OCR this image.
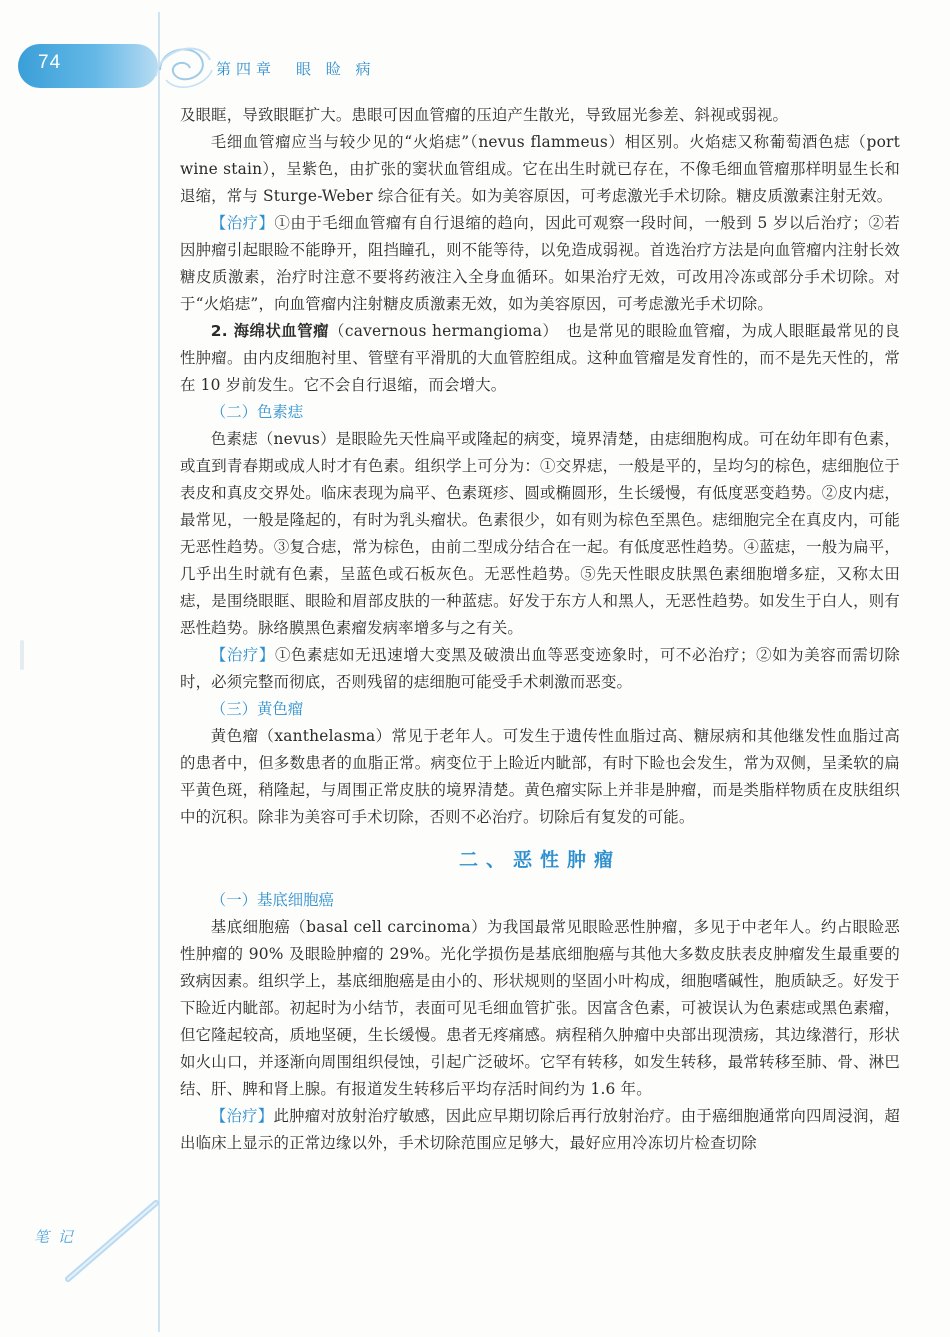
74	第四章　眼 睑 病

及眼眶，导致眼眶扩大。患眼可因血管瘤的压迫产生散光，导致屈光参差、斜视或弱视。

毛细血管瘤应当与较少见的“火焰痣”（nevus flammeus）相区别。火焰痣又称葡萄酒色痣（port wine stain），呈紫色，由扩张的窦状血管组成。它在出生时就已存在，不像毛细血管瘤那样明显生长和退缩，常与 Sturge-Weber 综合征有关。如为美容原因，可考虑激光手术切除。糖皮质激素注射无效。

【治疗】①由于毛细血管瘤有自行退缩的趋向，因此可观察一段时间，一般到 5 岁以后治疗；②若因肿瘤引起眼睑不能睁开，阻挡瞳孔，则不能等待，以免造成弱视。首选治疗方法是向血管瘤内注射长效糖皮质激素，治疗时注意不要将药液注入全身血循环。如果治疗无效，可改用冷冻或部分手术切除。对于“火焰痣”，向血管瘤内注射糖皮质激素无效，如为美容原因，可考虑激光手术切除。

2. 海绵状血管瘤（cavernous hermangioma）　也是常见的眼睑血管瘤，为成人眼眶最常见的良性肿瘤。由内皮细胞衬里、管壁有平滑肌的大血管腔组成。这种血管瘤是发育性的，而不是先天性的，常在 10 岁前发生。它不会自行退缩，而会增大。

（二）色素痣

色素痣（nevus）是眼睑先天性扁平或隆起的病变，境界清楚，由痣细胞构成。可在幼年即有色素，或直到青春期或成人时才有色素。组织学上可分为：①交界痣，一般是平的，呈均匀的棕色，痣细胞位于表皮和真皮交界处。临床表现为扁平、色素斑疹、圆或椭圆形，生长缓慢，有低度恶变趋势。②皮内痣，最常见，一般是隆起的，有时为乳头瘤状。色素很少，如有则为棕色至黑色。痣细胞完全在真皮内，可能无恶性趋势。③复合痣，常为棕色，由前二型成分结合在一起。有低度恶性趋势。④蓝痣，一般为扁平，几乎出生时就有色素，呈蓝色或石板灰色。无恶性趋势。⑤先天性眼皮肤黑色素细胞增多症，又称太田痣，是围绕眼眶、眼睑和眉部皮肤的一种蓝痣。好发于东方人和黑人，无恶性趋势。如发生于白人，则有恶性趋势。脉络膜黑色素瘤发病率增多与之有关。

【治疗】①色素痣如无迅速增大变黑及破溃出血等恶变迹象时，可不必治疗；②如为美容而需切除时，必须完整而彻底，否则残留的痣细胞可能受手术刺激而恶变。

（三）黄色瘤

黄色瘤（xanthelasma）常见于老年人。可发生于遗传性血脂过高、糖尿病和其他继发性血脂过高的患者中，但多数患者的血脂正常。病变位于上睑近内眦部，有时下睑也会发生，常为双侧，呈柔软的扁平黄色斑，稍隆起，与周围正常皮肤的境界清楚。黄色瘤实际上并非是肿瘤，而是类脂样物质在皮肤组织中的沉积。除非为美容可手术切除，否则不必治疗。切除后有复发的可能。

二、恶性肿瘤
（一）基底细胞癌

基底细胞癌（basal cell carcinoma）为我国最常见眼睑恶性肿瘤，多见于中老年人。约占眼睑恶性肿瘤的 90% 及眼睑肿瘤的 29%。光化学损伤是基底细胞癌与其他大多数皮肤表皮肿瘤发生最重要的致病因素。组织学上，基底细胞癌是由小的、形状规则的坚固小叶构成，细胞嗜碱性，胞质缺乏。好发于下睑近内眦部。初起时为小结节，表面可见毛细血管扩张。因富含色素，可被误认为色素痣或黑色素瘤，但它隆起较高，质地坚硬，生长缓慢。患者无疼痛感。病程稍久肿瘤中央部出现溃疡，其边缘潜行，形状如火山口，并逐渐向周围组织侵蚀，引起广泛破坏。它罕有转移，如发生转移，最常转移至肺、骨、淋巴结、肝、脾和肾上腺。有报道发生转移后平均存活时间约为 1.6 年。

【治疗】此肿瘤对放射治疗敏感，因此应早期切除后再行放射治疗。由于癌细胞通常向四周浸润，超出临床上显示的正常边缘以外，手术切除范围应足够大，最好应用冷冻切片检查切除

笔 记
